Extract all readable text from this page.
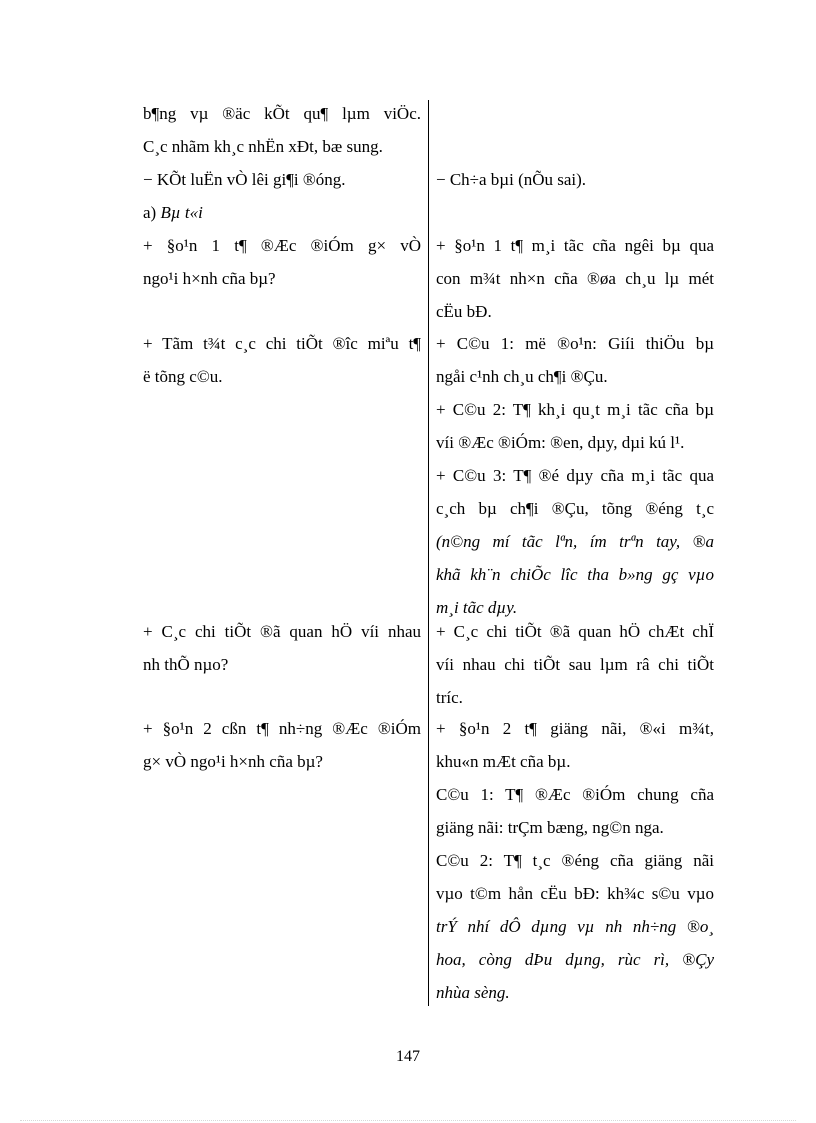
b¶ng vµ ®äc kÕt qu¶ lµm viÖc.
C¸c nhãm kh¸c nhËn xÐt, bæ sung.
− KÕt luËn vÒ lêi gi¶i ®óng.
a) Bµ t«i
+ §o¹n 1 t¶ ®Æc ®iÓm g× vÒ
ngo¹i h×nh cña bµ?
+ Tãm t¾t c¸c chi tiÕt ®îc miªu t¶
ë tõng c©u.
+ C¸c chi tiÕt ®ã quan hÖ víi nhau
nh thÕ nµo?
+ §o¹n 2 cßn t¶ nh÷ng ®Æc ®iÓm
g× vÒ ngo¹i h×nh cña bµ?
− Ch÷a bµi (nÕu sai).
+ §o¹n 1 t¶ m¸i tãc cña ngêi bµ qua
con m¾t nh×n cña ®øa ch¸u lµ mét
cËu bÐ.
+ C©u 1: më ®o¹n: Giíi thiÖu bµ
ngåi c¹nh ch¸u ch¶i ®Çu.
+ C©u 2: T¶ kh¸i qu¸t m¸i tãc cña bµ
víi ®Æc ®iÓm: ®en, dµy, dµi kú l¹.
+ C©u 3: T¶ ®é dµy cña m¸i tãc qua
c¸ch bµ ch¶i ®Çu, tõng ®éng t¸c
(n©ng mí tãc lªn, ím trªn tay, ®a
khã kh¨n chiÕc lîc tha b»ng gç vµo
m¸i tãc dµy.
+ C¸c chi tiÕt ®ã quan hÖ chÆt chÏ
víi nhau chi tiÕt sau lµm râ chi tiÕt
tríc.
+ §o¹n 2 t¶ giäng nãi, ®«i m¾t,
khu«n mÆt cña bµ.
C©u 1: T¶ ®Æc ®iÓm chung cña
giäng nãi: trÇm bæng, ng©n nga.
C©u 2: T¶ t¸c ®éng cña giäng nãi
vµo t©m hån cËu bÐ: kh¾c s©u vµo
trÝ nhí dÔ dµng vµ nh nh÷ng ®o¸
hoa, còng dÞu dµng, rùc rì, ®Çy
nhùa sèng.
147
